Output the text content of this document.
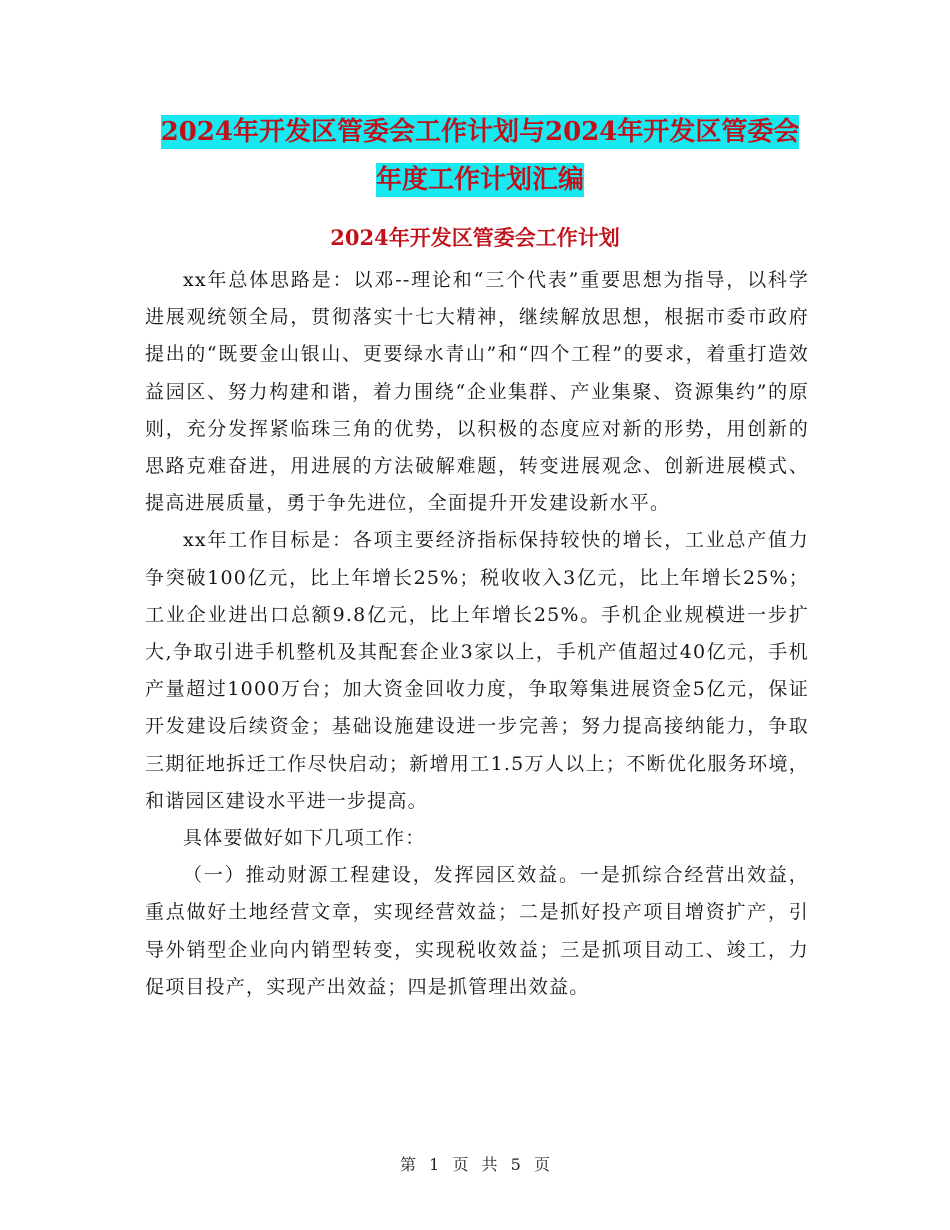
2024年开发区管委会工作计划与2024年开发区管委会
年度工作计划汇编
2024年开发区管委会工作计划

xx年总体思路是：以邓--理论和“三个代表”重要思想为指导，以科学进展观统领全局，贯彻落实十七大精神，继续解放思想，根据市委市政府提出的“既要金山银山、更要绿水青山”和“四个工程”的要求，着重打造效益园区、努力构建和谐，着力围绕“企业集群、产业集聚、资源集约”的原则，充分发挥紧临珠三角的优势，以积极的态度应对新的形势，用创新的思路克难奋进，用进展的方法破解难题，转变进展观念、创新进展模式、提高进展质量，勇于争先进位，全面提升开发建设新水平。

xx年工作目标是：各项主要经济指标保持较快的增长，工业总产值力争突破100亿元，比上年增长25%；税收收入3亿元，比上年增长25%；工业企业进出口总额9.8亿元，比上年增长25%。手机企业规模进一步扩大,争取引进手机整机及其配套企业3家以上，手机产值超过40亿元，手机产量超过1000万台；加大资金回收力度，争取筹集进展资金5亿元，保证开发建设后续资金；基础设施建设进一步完善；努力提高接纳能力，争取三期征地拆迁工作尽快启动；新增用工1.5万人以上；不断优化服务环境，和谐园区建设水平进一步提高。

具体要做好如下几项工作：

（一）推动财源工程建设，发挥园区效益。一是抓综合经营出效益，重点做好土地经营文章，实现经营效益；二是抓好投产项目增资扩产，引导外销型企业向内销型转变，实现税收效益；三是抓项目动工、竣工，力促项目投产，实现产出效益；四是抓管理出效益。

第 1 页 共 5 页
